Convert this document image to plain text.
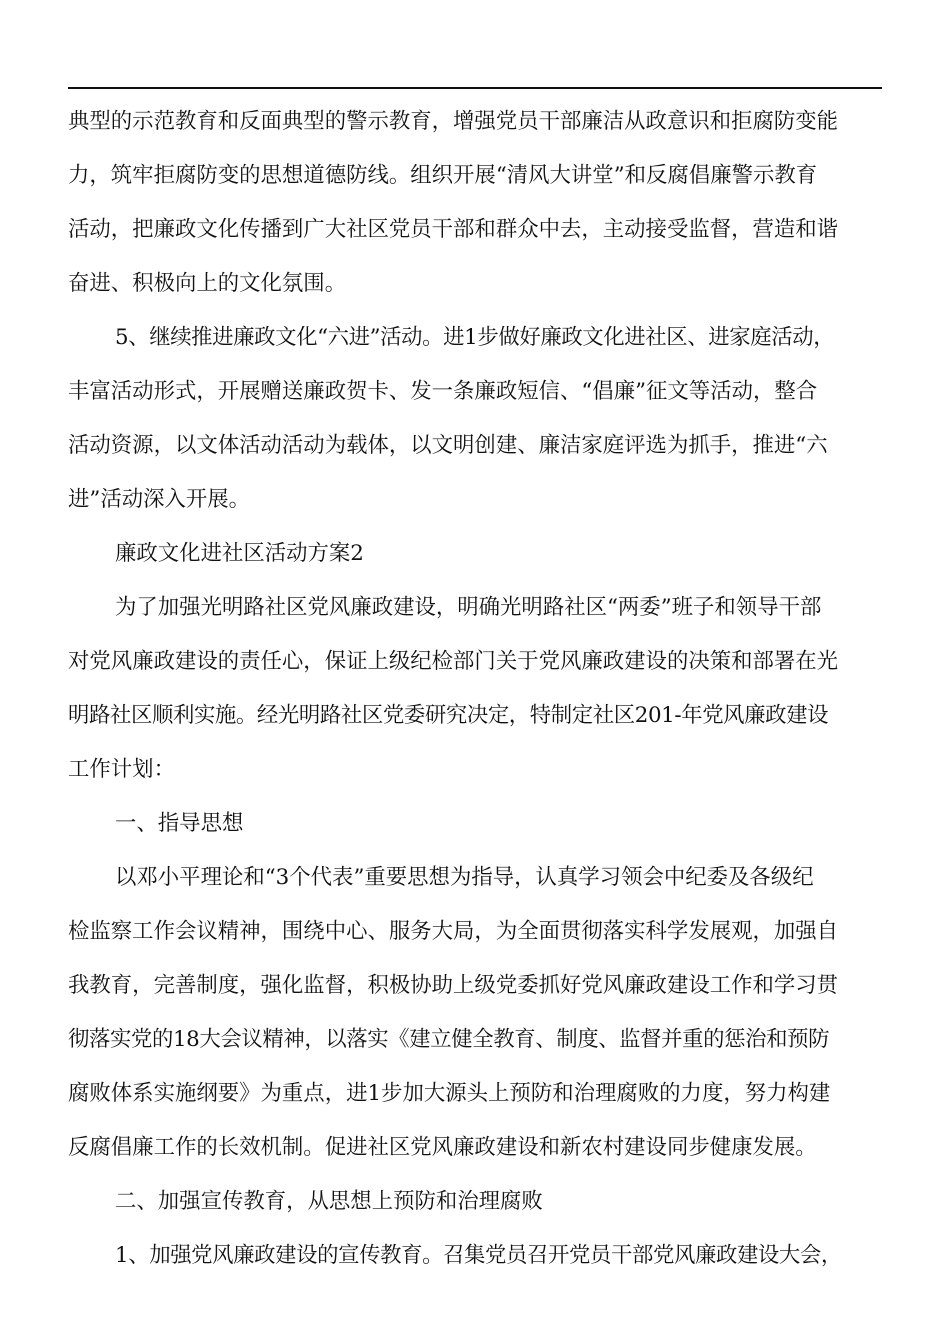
典型的示范教育和反面典型的警示教育，增强党员干部廉洁从政意识和拒腐防变能
力，筑牢拒腐防变的思想道德防线。组织开展“清风大讲堂”和反腐倡廉警示教育
活动，把廉政文化传播到广大社区党员干部和群众中去，主动接受监督，营造和谐
奋进、积极向上的文化氛围。
5、继续推进廉政文化“六进”活动。进1步做好廉政文化进社区、进家庭活动，
丰富活动形式，开展赠送廉政贺卡、发一条廉政短信、“倡廉”征文等活动，整合
活动资源，以文体活动活动为载体，以文明创建、廉洁家庭评选为抓手，推进“六
进”活动深入开展。
廉政文化进社区活动方案2
为了加强光明路社区党风廉政建设，明确光明路社区“两委”班子和领导干部
对党风廉政建设的责任心，保证上级纪检部门关于党风廉政建设的决策和部署在光
明路社区顺利实施。经光明路社区党委研究决定，特制定社区201-年党风廉政建设
工作计划：
一、指导思想
以邓小平理论和“3个代表”重要思想为指导，认真学习领会中纪委及各级纪
检监察工作会议精神，围绕中心、服务大局，为全面贯彻落实科学发展观，加强自
我教育，完善制度，强化监督，积极协助上级党委抓好党风廉政建设工作和学习贯
彻落实党的18大会议精神，以落实《建立健全教育、制度、监督并重的惩治和预防
腐败体系实施纲要》为重点，进1步加大源头上预防和治理腐败的力度，努力构建
反腐倡廉工作的长效机制。促进社区党风廉政建设和新农村建设同步健康发展。
二、加强宣传教育，从思想上预防和治理腐败
1、加强党风廉政建设的宣传教育。召集党员召开党员干部党风廉政建设大会，
